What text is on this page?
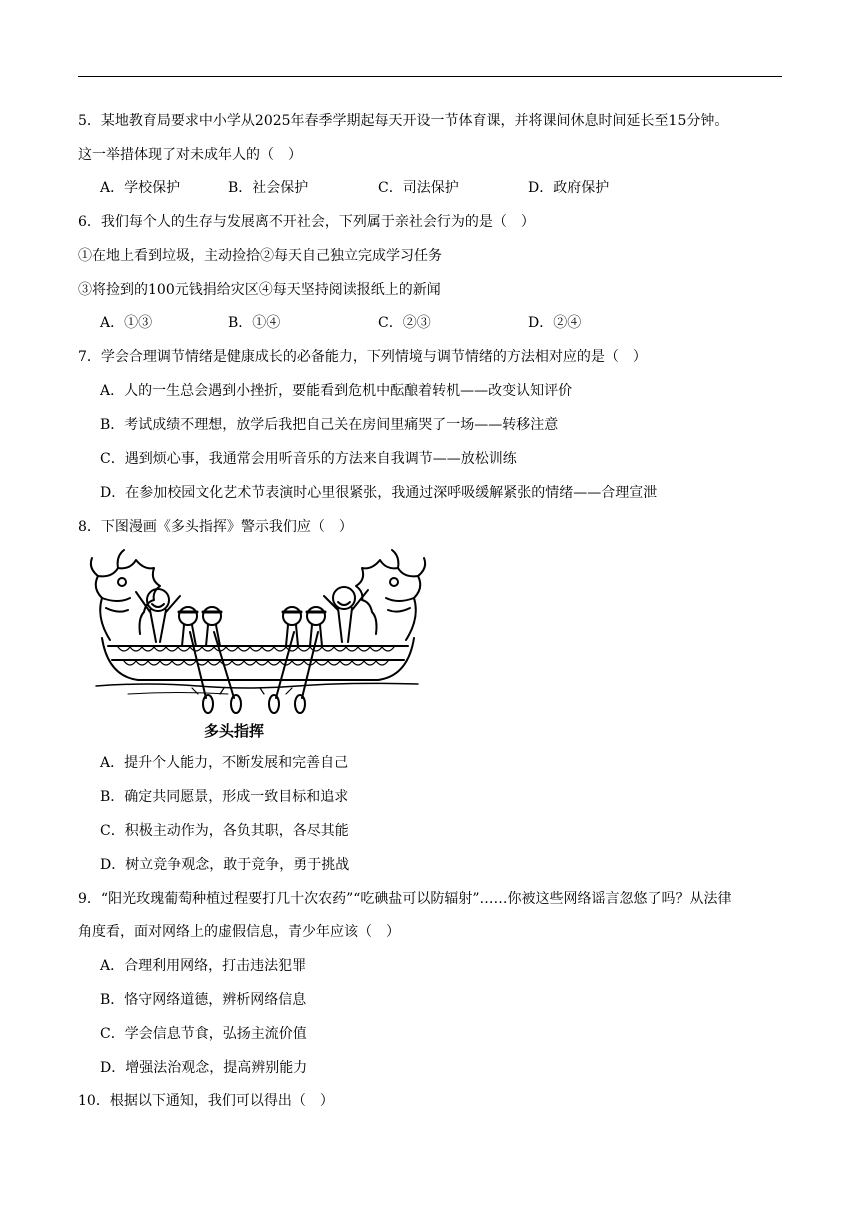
5．某地教育局要求中小学从2025年春季学期起每天开设一节体育课，并将课间休息时间延长至15分钟。
这一举措体现了对未成年人的（　）
A．学校保护	B．社会保护	C．司法保护	D．政府保护
6．我们每个人的生存与发展离不开社会，下列属于亲社会行为的是（　）
①在地上看到垃圾，主动捡拾②每天自己独立完成学习任务
③将捡到的100元钱捐给灾区④每天坚持阅读报纸上的新闻
A．①③	B．①④	C．②③	D．②④
7．学会合理调节情绪是健康成长的必备能力，下列情境与调节情绪的方法相对应的是（　）
A．人的一生总会遇到小挫折，要能看到危机中酝酿着转机——改变认知评价
B．考试成绩不理想，放学后我把自己关在房间里痛哭了一场——转移注意
C．遇到烦心事，我通常会用听音乐的方法来自我调节——放松训练
D．在参加校园文化艺术节表演时心里很紧张，我通过深呼吸缓解紧张的情绪——合理宣泄
8．下图漫画《多头指挥》警示我们应（　）
多头指挥
A．提升个人能力，不断发展和完善自己
B．确定共同愿景，形成一致目标和追求
C．积极主动作为，各负其职，各尽其能
D．树立竞争观念，敢于竞争，勇于挑战
9．“阳光玫瑰葡萄种植过程要打几十次农药”“吃碘盐可以防辐射”……你被这些网络谣言忽悠了吗？从法律
角度看，面对网络上的虚假信息，青少年应该（　）
A．合理利用网络，打击违法犯罪
B．恪守网络道德，辨析网络信息
C．学会信息节食，弘扬主流价值
D．增强法治观念，提高辨别能力
10．根据以下通知，我们可以得出（　）
